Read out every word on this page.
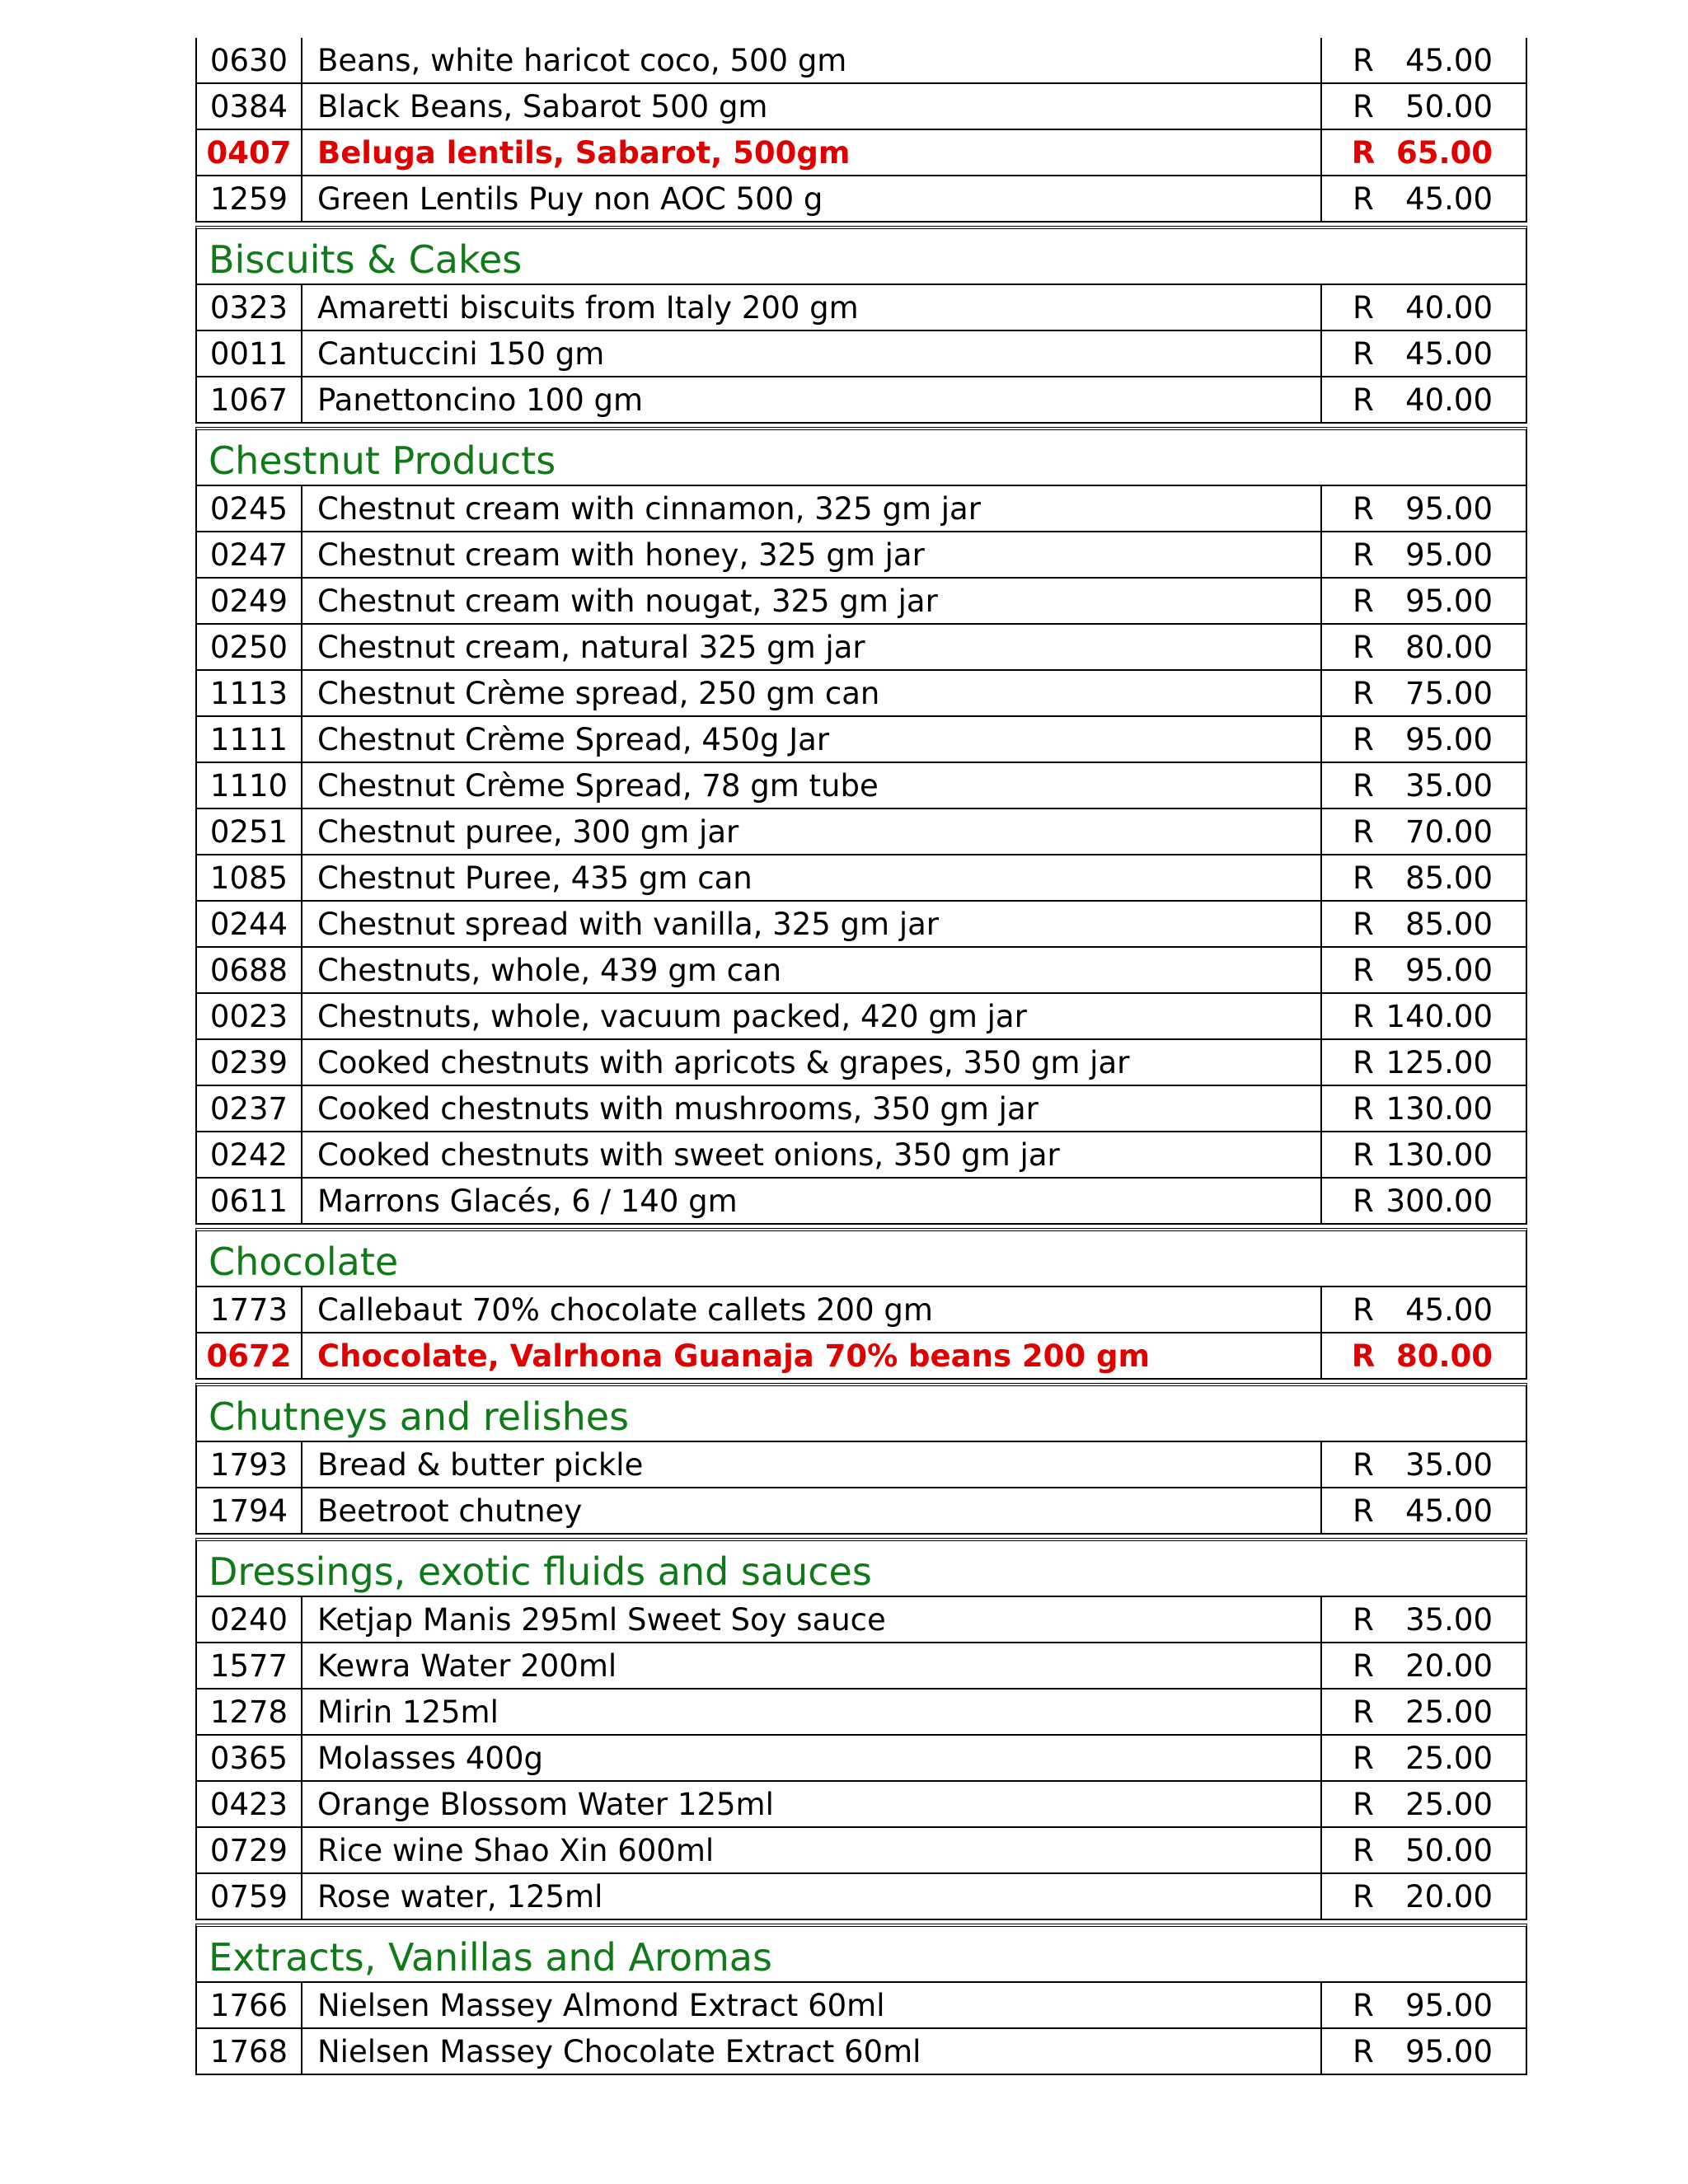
0630 Beans, white haricot coco, 500 gm	R	45.00
0384 Black Beans, Sabarot 500 gm	R	50.00
0407 Beluga lentils, Sabarot, 500gm	R 65.00
1259 Green Lentils Puy non AOC 500 g	R	45.00
Biscuits & Cakes
0323 Amaretti biscuits from Italy 200 gm	R	40.00
0011 Cantuccini 150 gm	R	45.00
1067 Panettoncino 100 gm	R	40.00
Chestnut Products
0245 Chestnut cream with cinnamon, 325 gm jar	R	95.00
0247 Chestnut cream with honey, 325 gm jar	R	95.00
0249 Chestnut cream with nougat, 325 gm jar	R	95.00
0250 Chestnut cream, natural 325 gm jar	R	80.00
1113 Chestnut Crème spread, 250 gm can	R	75.00
1111 Chestnut Crème Spread, 450g Jar	R	95.00
1110 Chestnut Crème Spread, 78 gm tube	R	35.00
0251 Chestnut puree, 300 gm jar	R	70.00
1085 Chestnut Puree, 435 gm can	R	85.00
0244 Chestnut spread with vanilla, 325 gm jar	R	85.00
0688 Chestnuts, whole, 439 gm can	R	95.00
0023 Chestnuts, whole, vacuum packed, 420 gm jar	R 140.00
0239 Cooked chestnuts with apricots & grapes, 350 gm jar	R 125.00
0237 Cooked chestnuts with mushrooms, 350 gm jar	R 130.00
0242 Cooked chestnuts with sweet onions, 350 gm jar	R 130.00
0611 Marrons Glacés, 6 / 140 gm	R 300.00
Chocolate
1773 Callebaut 70% chocolate callets 200 gm	R	45.00
0672 Chocolate, Valrhona Guanaja 70% beans 200 gm	R 80.00
Chutneys and relishes
1793 Bread & butter pickle	R	35.00
1794 Beetroot chutney	R	45.00
Dressings, exotic fluids and sauces
0240 Ketjap Manis 295ml Sweet Soy sauce	R	35.00
1577 Kewra Water 200ml	R	20.00
1278 Mirin 125ml	R	25.00
0365 Molasses 400g	R	25.00
0423 Orange Blossom Water 125ml	R	25.00
0729 Rice wine Shao Xin 600ml	R	50.00
0759 Rose water, 125ml	R	20.00
Extracts, Vanillas and Aromas
1766 Nielsen Massey Almond Extract 60ml	R	95.00
1768 Nielsen Massey Chocolate Extract 60ml	R	95.00
